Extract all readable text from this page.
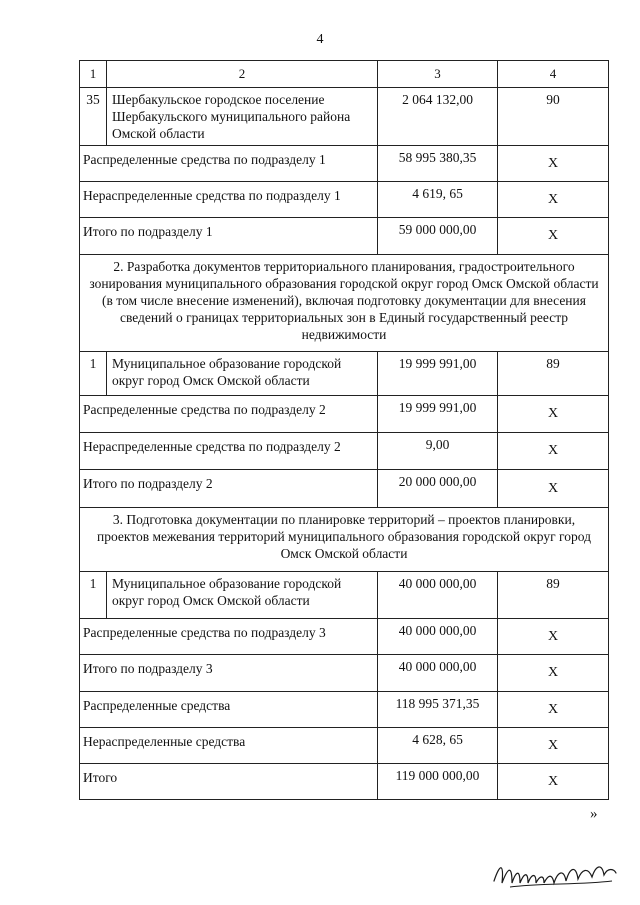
4
1	2	3	4
35	Шербакульское городское поселение Шербакульского муниципального района Омской области	2 064 132,00	90
Распределенные средства по подразделу 1		58 995 380,35	Х
Нераспределенные средства по подразделу 1		4 619, 65	Х
Итого по подразделу 1		59 000 000,00	Х
2. Разработка документов территориального планирования, градостроительного зонирования муниципального образования городской округ город Омск Омской области (в том числе внесение изменений), включая подготовку документации для внесения сведений о границах территориальных зон в Единый государственный реестр недвижимости			
1	Муниципальное образование городской округ город Омск Омской области	19 999 991,00	89
Распределенные средства по подразделу 2		19 999 991,00	Х
Нераспределенные средства по подразделу 2		9,00	Х
Итого по подразделу 2		20 000 000,00	Х
3. Подготовка документации по планировке территорий – проектов планировки, проектов межевания территорий муниципального образования городской округ город Омск Омской области			
1	Муниципальное образование городской округ город Омск Омской области	40 000 000,00	89
Распределенные средства по подразделу 3		40 000 000,00	Х
Итого по подразделу 3		40 000 000,00	Х
Распределенные средства		118 995 371,35	Х
Нераспределенные средства		4 628, 65	Х
Итого		119 000 000,00	Х
»
